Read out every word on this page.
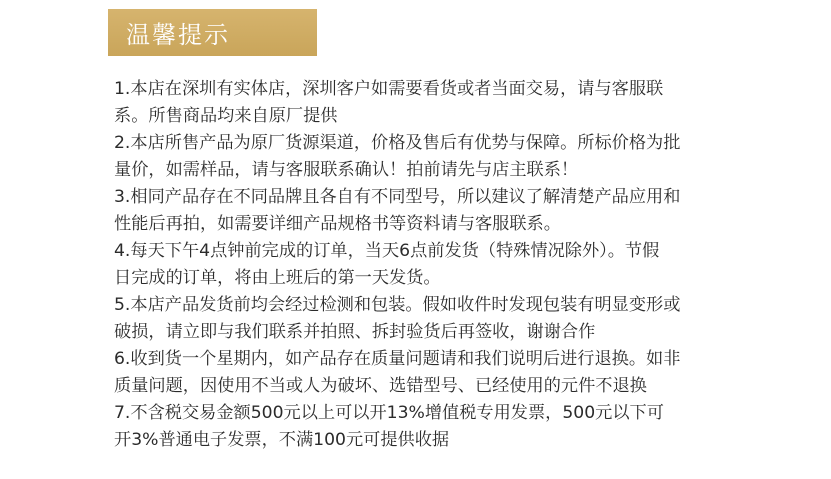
温馨提示
1.本店在深圳有实体店，深圳客户如需要看货或者当面交易，请与客服联
系。所售商品均来自原厂提供
2.本店所售产品为原厂货源渠道，价格及售后有优势与保障。所标价格为批
量价，如需样品，请与客服联系确认！拍前请先与店主联系！
3.相同产品存在不同品牌且各自有不同型号，所以建议了解清楚产品应用和
性能后再拍，如需要详细产品规格书等资料请与客服联系。
4.每天下午4点钟前完成的订单，当天6点前发货（特殊情况除外）。节假
日完成的订单，将由上班后的第一天发货。
5.本店产品发货前均会经过检测和包装。假如收件时发现包装有明显变形或
破损，请立即与我们联系并拍照、拆封验货后再签收，谢谢合作
6.收到货一个星期内，如产品存在质量问题请和我们说明后进行退换。如非
质量问题，因使用不当或人为破坏、选错型号、已经使用的元件不退换
7.不含税交易金额500元以上可以开13%增值税专用发票，500元以下可
开3%普通电子发票，不满100元可提供收据
